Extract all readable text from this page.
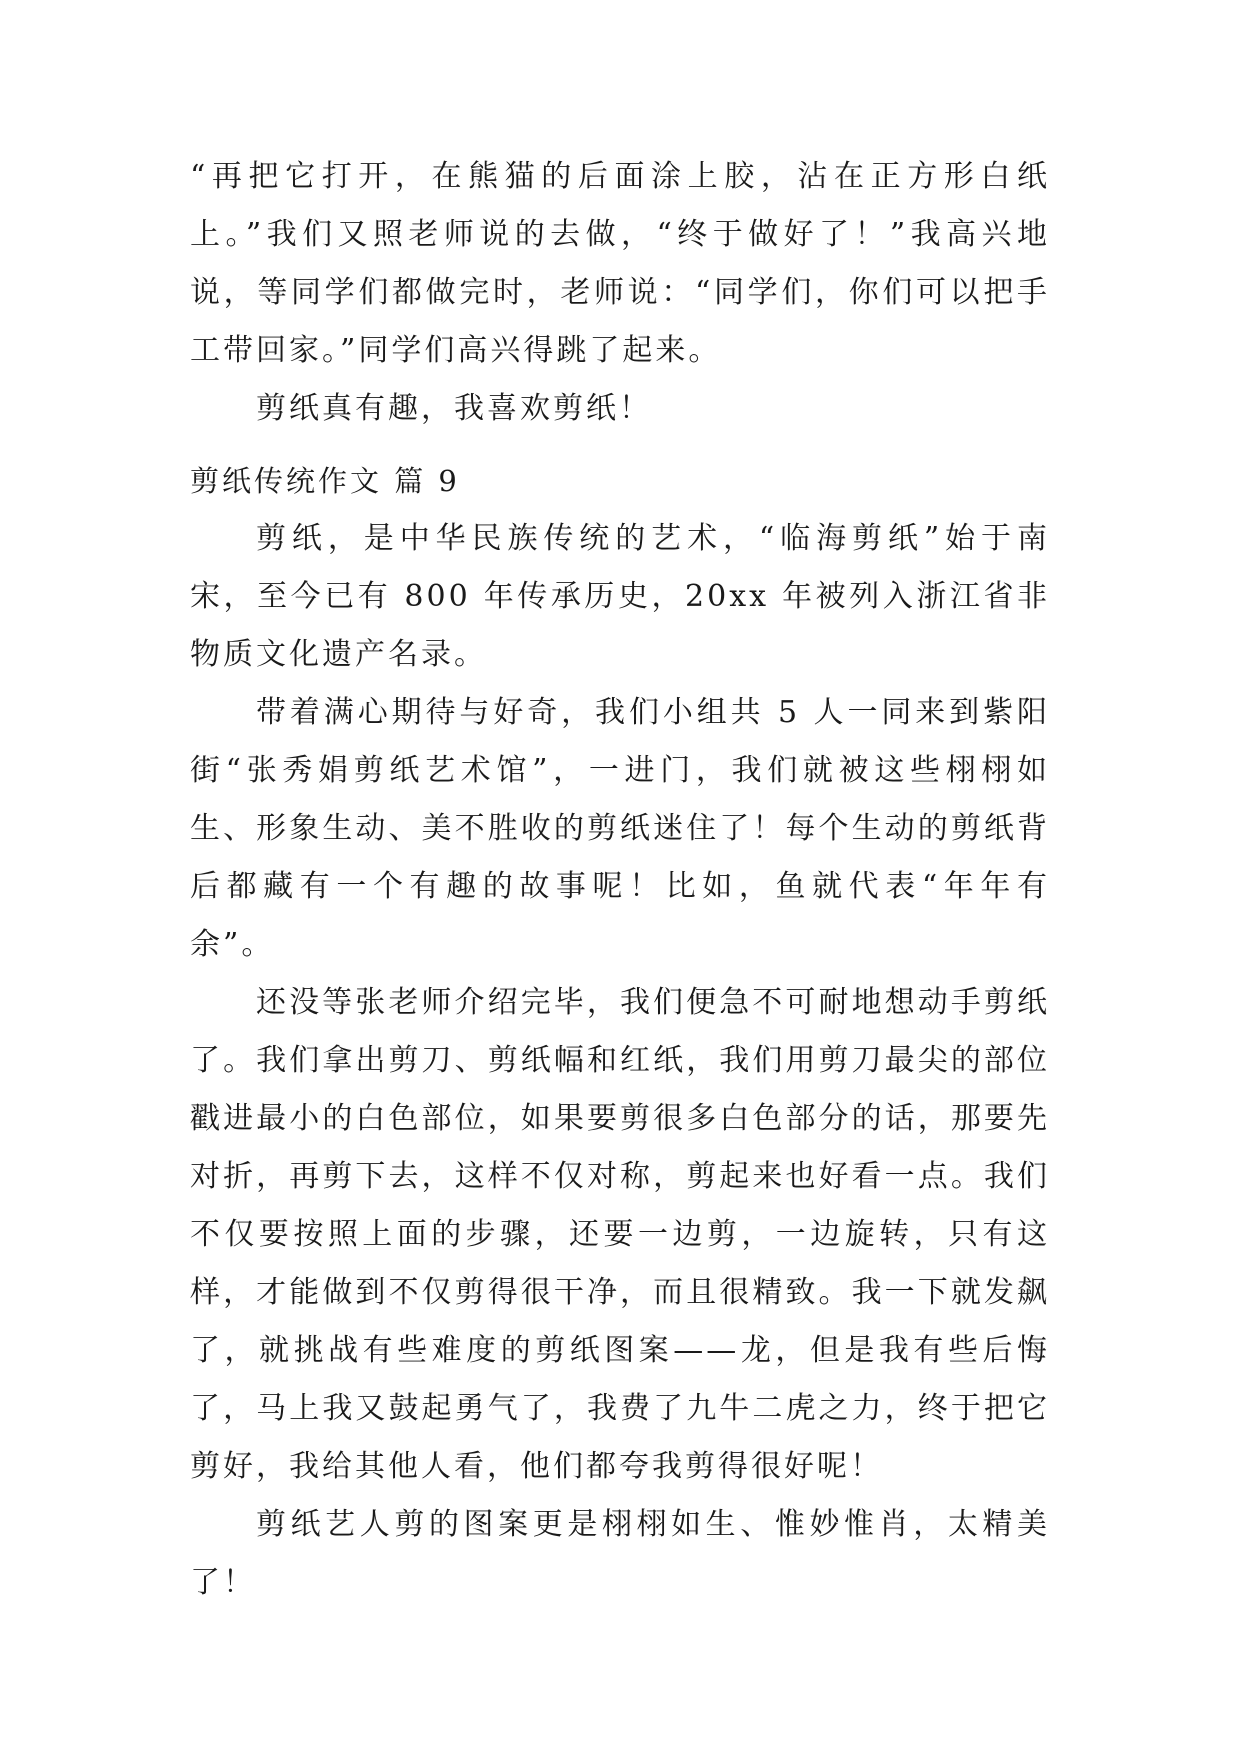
“再把它打开，在熊猫的后面涂上胶，沾在正方形白纸上。”我们又照老师说的去做，“终于做好了！”我高兴地说，等同学们都做完时，老师说：“同学们，你们可以把手工带回家。”同学们高兴得跳了起来。

剪纸真有趣，我喜欢剪纸！

剪纸传统作文 篇 9

剪纸，是中华民族传统的艺术，“临海剪纸”始于南宋，至今已有 800 年传承历史，20xx 年被列入浙江省非物质文化遗产名录。

带着满心期待与好奇，我们小组共 5 人一同来到紫阳街“张秀娟剪纸艺术馆”，一进门，我们就被这些栩栩如生、形象生动、美不胜收的剪纸迷住了！每个生动的剪纸背后都藏有一个有趣的故事呢！比如，鱼就代表“年年有余”。

还没等张老师介绍完毕，我们便急不可耐地想动手剪纸了。我们拿出剪刀、剪纸幅和红纸，我们用剪刀最尖的部位戳进最小的白色部位，如果要剪很多白色部分的话，那要先对折，再剪下去，这样不仅对称，剪起来也好看一点。我们不仅要按照上面的步骤，还要一边剪，一边旋转，只有这样，才能做到不仅剪得很干净，而且很精致。我一下就发飙了，就挑战有些难度的剪纸图案——龙，但是我有些后悔了，马上我又鼓起勇气了，我费了九牛二虎之力，终于把它剪好，我给其他人看，他们都夸我剪得很好呢！

剪纸艺人剪的图案更是栩栩如生、惟妙惟肖，太精美了！
